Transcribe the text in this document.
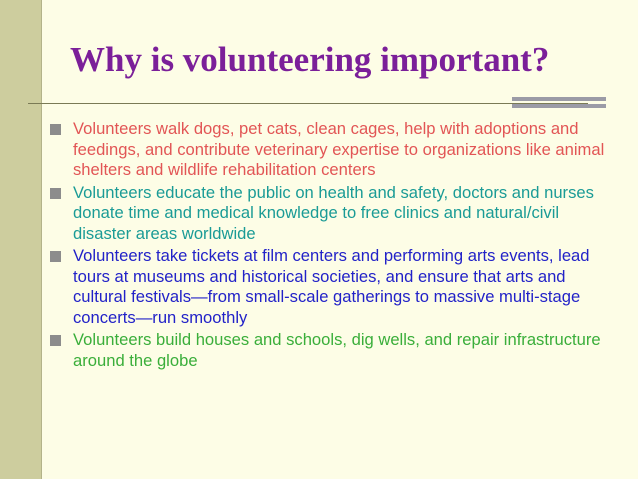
Why is volunteering important?
Volunteers walk dogs, pet cats, clean cages, help with adoptions and feedings, and contribute veterinary expertise to organizations like animal shelters and wildlife rehabilitation centers
Volunteers educate the public on health and safety, doctors and nurses donate time and medical knowledge to free clinics and natural/civil disaster areas worldwide
Volunteers take tickets at film centers and performing arts events, lead tours at museums and historical societies, and ensure that arts and cultural festivals—from small-scale gatherings to massive multi-stage concerts—run smoothly
Volunteers build houses and schools, dig wells, and repair infrastructure around the globe
